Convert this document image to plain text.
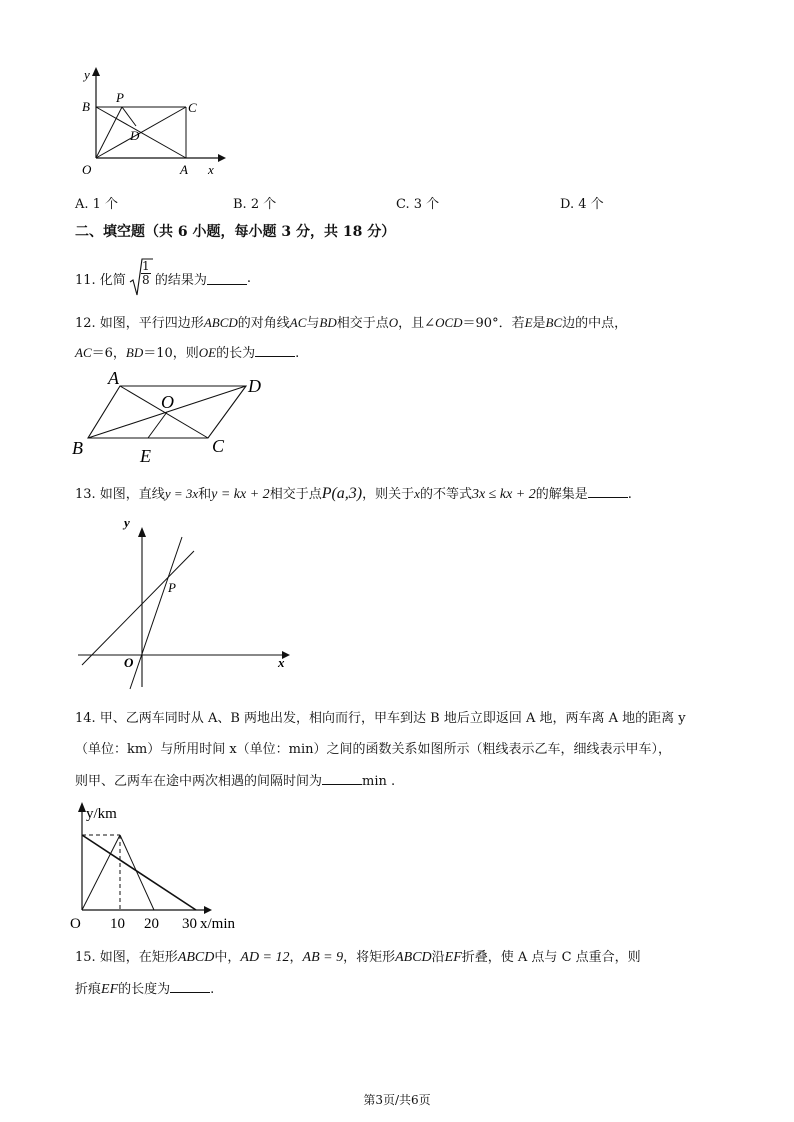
y
B
P
C
D
O	A x
A. 1 个	B. 2 个	C. 3 个	D. 4 个
二、填空题（共 6 小题，每小题 3 分，共 18 分）
11. 化简
1
8 的结果为	.
12. 如图，平行四边形ABCD的对角线AC与BD相交于点O，且∠OCD＝90°．若E是BC边的中点，
AC＝6，BD＝10，则OE的长为	.
A	D
O
B	C
E
13. 如图，直线y = 3x和y = kx + 2相交于点P(a,3)，则关于x的不等式3x ≤ kx + 2的解集是	.
y
P
O	x
14. 甲、乙两车同时从 A、B 两地出发，相向而行，甲车到达 B 地后立即返回 A 地，两车离 A 地的距离 y
（单位：km）与所用时间 x（单位：min）之间的函数关系如图所示（粗线表示乙车，细线表示甲车），
则甲、乙两车在途中两次相遇的间隔时间为	min .
y/km
O 10 20 30 x/min
15. 如图，在矩形ABCD中，AD = 12，AB = 9，将矩形ABCD沿EF折叠，使 A 点与 C 点重合，则
折痕EF的长度为	.
第3页/共6页
